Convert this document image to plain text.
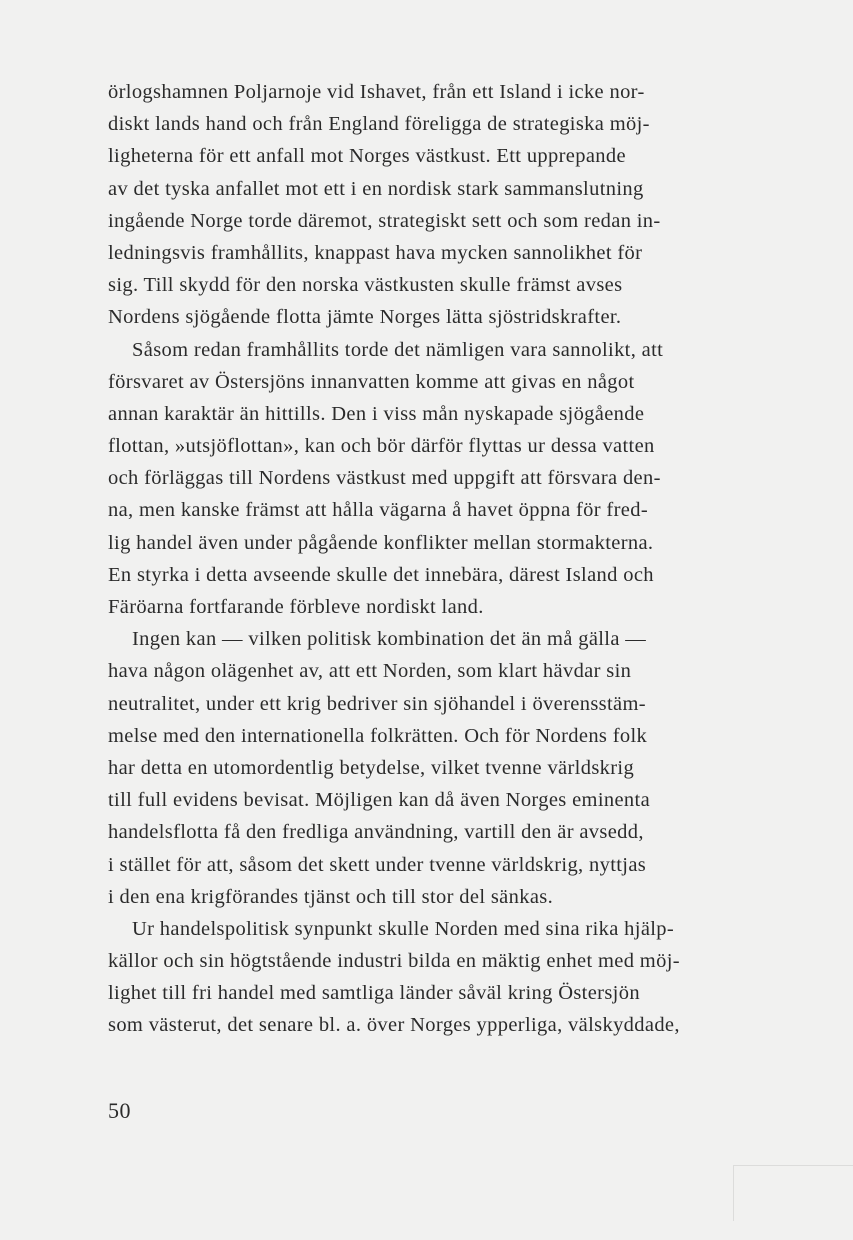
örlogshamnen Poljarnoje vid Ishavet, från ett Island i icke nor-
diskt lands hand och från England föreligga de strategiska möj-
ligheterna för ett anfall mot Norges västkust. Ett upprepande
av det tyska anfallet mot ett i en nordisk stark sammanslutning
ingående Norge torde däremot, strategiskt sett och som redan in-
ledningsvis framhållits, knappast hava mycken sannolikhet för
sig. Till skydd för den norska västkusten skulle främst avses
Nordens sjögående flotta jämte Norges lätta sjöstridskrafter.
Såsom redan framhållits torde det nämligen vara sannolikt, att
försvaret av Östersjöns innanvatten komme att givas en något
annan karaktär än hittills. Den i viss mån nyskapade sjögående
flottan, »utsjöflottan», kan och bör därför flyttas ur dessa vatten
och förläggas till Nordens västkust med uppgift att försvara den-
na, men kanske främst att hålla vägarna å havet öppna för fred-
lig handel även under pågående konflikter mellan stormakterna.
En styrka i detta avseende skulle det innebära, därest Island och
Färöarna fortfarande förbleve nordiskt land.
Ingen kan — vilken politisk kombination det än må gälla —
hava någon olägenhet av, att ett Norden, som klart hävdar sin
neutralitet, under ett krig bedriver sin sjöhandel i överensstäm-
melse med den internationella folkrätten. Och för Nordens folk
har detta en utomordentlig betydelse, vilket tvenne världskrig
till full evidens bevisat. Möjligen kan då även Norges eminenta
handelsflotta få den fredliga användning, vartill den är avsedd,
i stället för att, såsom det skett under tvenne världskrig, nyttjas
i den ena krigförandes tjänst och till stor del sänkas.
Ur handelspolitisk synpunkt skulle Norden med sina rika hjälp-
källor och sin högtstående industri bilda en mäktig enhet med möj-
lighet till fri handel med samtliga länder såväl kring Östersjön
som västerut, det senare bl. a. över Norges ypperliga, välskyddade,
50
